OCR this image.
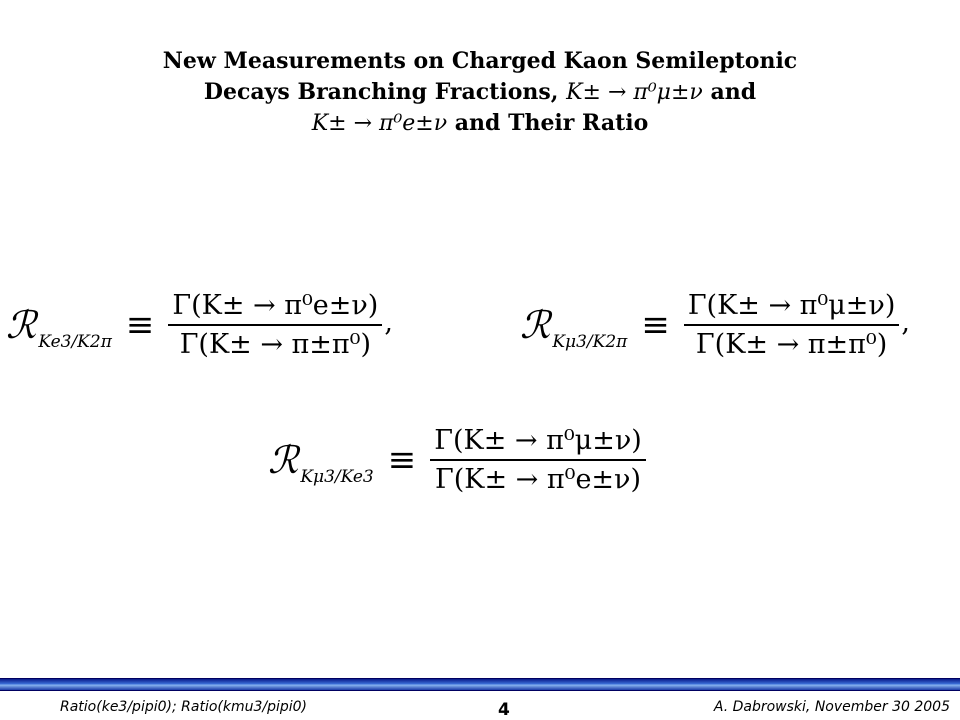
New Measurements on Charged Kaon Semileptonic
Decays Branching Fractions, K± → π⁰μ±ν and
K± → π⁰e±ν and Their Ratio
ℛ $Ke3/K2\pi \equiv \frac{\text{Γ(K± → π⁰e±ν)}}{\text{Γ(K± → π±π⁰)}}$ ,	ℛ $K\mu 3/K2\pi \equiv \frac{\text{Γ(K± → π⁰μ±ν)}}{\text{Γ(K± → π±π⁰)}}$ ,
ℛ $K\mu 3/Ke3 \equiv \frac{\text{Γ(K± → π⁰μ±ν)}}{\text{Γ(K± → π⁰e±ν)}}$
Ratio(ke3/pipi0); Ratio(kmu3/pipi0)	4	A. Dabrowski, November 30 2005
